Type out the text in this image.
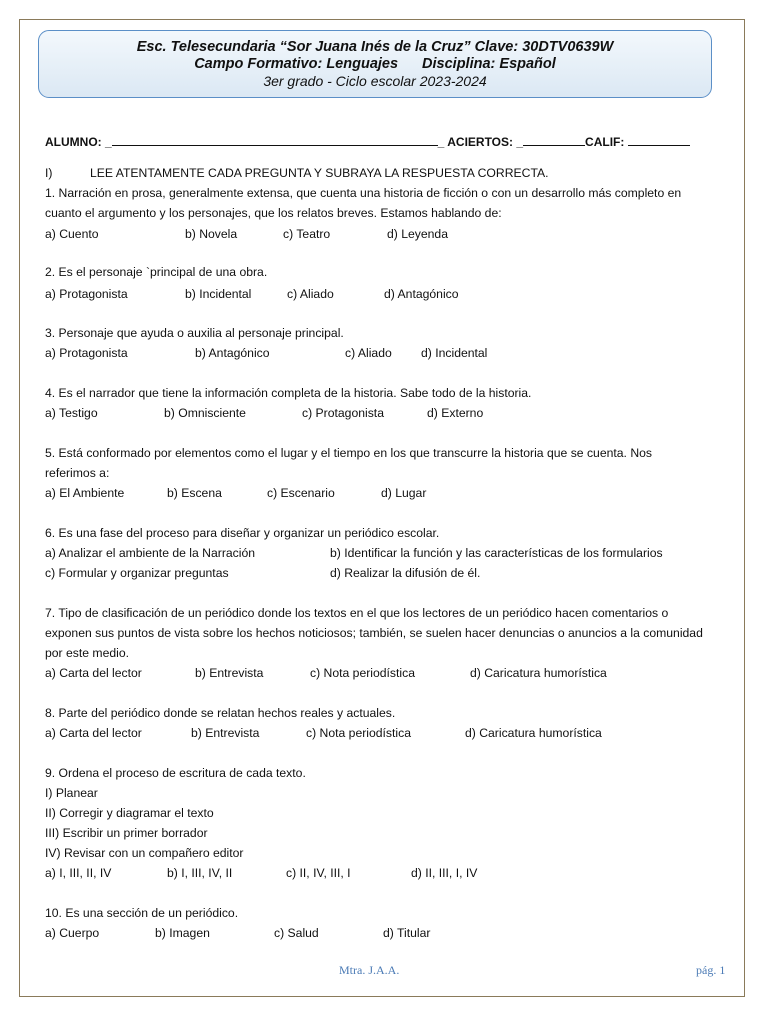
Esc. Telesecundaria “Sor Juana Inés de la Cruz” Clave: 30DTV0639W
Campo Formativo: Lenguajes Disciplina: Español
3er grado - Ciclo escolar 2023-2024
ALUMNO: _	_ ACIERTOS: _	CALIF:
I)	LEE ATENTAMENTE CADA PREGUNTA Y SUBRAYA LA RESPUESTA CORRECTA.
1. Narración en prosa, generalmente extensa, que cuenta una historia de ficción o con un desarrollo más completo en
cuanto el argumento y los personajes, que los relatos breves. Estamos hablando de:
a) Cuento	b) Novela	c) Teatro	d) Leyenda
2. Es el personaje `principal de una obra.
a) Protagonista	b) Incidental	c) Aliado	d) Antagónico
3. Personaje que ayuda o auxilia al personaje principal.
a) Protagonista	b) Antagónico	c) Aliado d) Incidental
4. Es el narrador que tiene la información completa de la historia. Sabe todo de la historia.
a) Testigo	b) Omnisciente	c) Protagonista	d) Externo
5. Está conformado por elementos como el lugar y el tiempo en los que transcurre la historia que se cuenta. Nos
referimos a:
a) El Ambiente	b) Escena	c) Escenario	d) Lugar
6. Es una fase del proceso para diseñar y organizar un periódico escolar.
a) Analizar el ambiente de la Narración	b) Identificar la función y las características de los formularios
c) Formular y organizar preguntas	d) Realizar la difusión de él.
7. Tipo de clasificación de un periódico donde los textos en el que los lectores de un periódico hacen comentarios o
exponen sus puntos de vista sobre los hechos noticiosos; también, se suelen hacer denuncias o anuncios a la comunidad
por este medio.
a) Carta del lector	b) Entrevista	c) Nota periodística	d) Caricatura humorística
8. Parte del periódico donde se relatan hechos reales y actuales.
a) Carta del lector	b) Entrevista	c) Nota periodística	d) Caricatura humorística
9. Ordena el proceso de escritura de cada texto.
I) Planear
II) Corregir y diagramar el texto
III) Escribir un primer borrador
IV) Revisar con un compañero editor
a) I, III, II, IV	b) I, III, IV, II	c) II, IV, III, I	d) II, III, I, IV
10. Es una sección de un periódico.
a) Cuerpo	b) Imagen	c) Salud	d) Titular
Mtra. J.A.A.	pág. 1
